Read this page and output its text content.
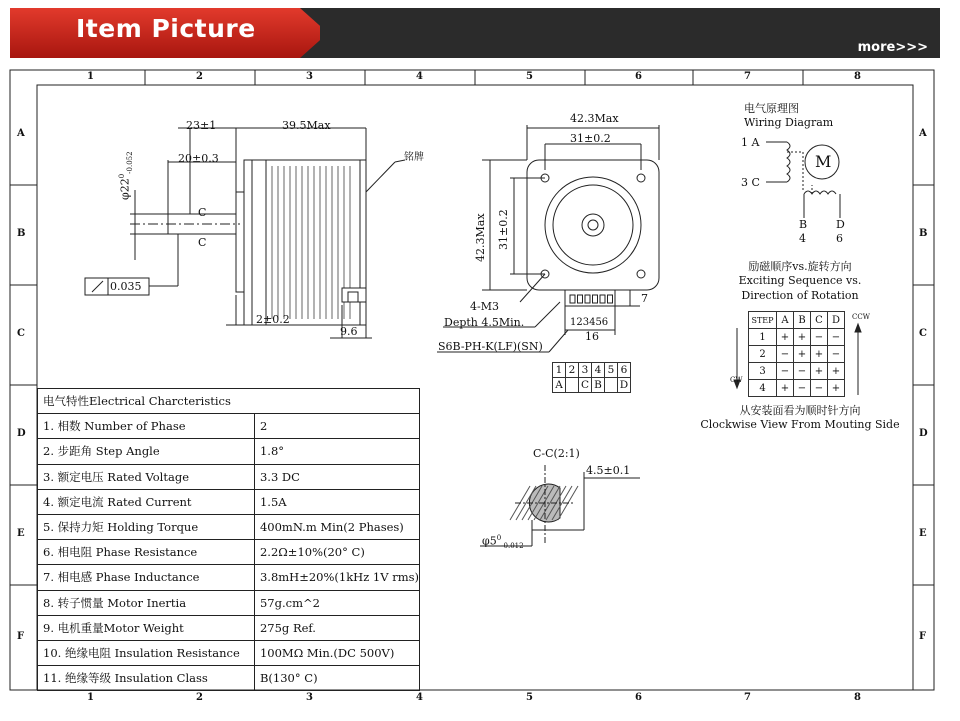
Item Picture
more>>>
1
1
2
2
3
3
4
4
5
5
6
6
7
7
8
8
A	A
B	B
C	C
D	D
E	E
F	F
23±1	39.5Max
20±0.3
$\varphi 22^0_{-0.052}$
C
C
0.035
2±0.2
9.6
铭牌
42.3Max
31±0.2
42.3Max 31±0.2
4-M3
Depth 4.5Min.
S6B-PH-K(LF)(SN)
123456
16
7
1	2	3	4	5	6
A		C	B		D
电气原理图
Wiring Diagram
M
1 A
3 C
B
4
D
6
励磁顺序vs.旋转方向
Exciting Sequence vs.
Direction of Rotation
CCW
CW
STEP	A	B	C	D
1	+	+	−	−
2	−	+	+	−
3	−	−	+	+
4	+	−	−	+
从安装面看为顺时针方向
Clockwise View From Mouting Side
C-C(2:1)
4.5±0.1
$\varphi 5^0_{-0.012}$
电气特性Electrical Charcteristics	
1. 相数 Number of Phase	2
2. 步距角 Step Angle	1.8°
3. 额定电压 Rated Voltage	3.3 DC
4. 额定电流 Rated Current	1.5A
5. 保持力矩 Holding Torque	400mN.m Min(2 Phases)
6. 相电阻 Phase Resistance	2.2Ω±10%(20° C)
7. 相电感 Phase Inductance	3.8mH±20%(1kHz 1V rms)
8. 转子惯量 Motor Inertia	57g.cm^2
9. 电机重量Motor Weight	275g Ref.
10. 绝缘电阻 Insulation Resistance	100MΩ Min.(DC 500V)
11. 绝缘等级 Insulation Class	B(130° C)
